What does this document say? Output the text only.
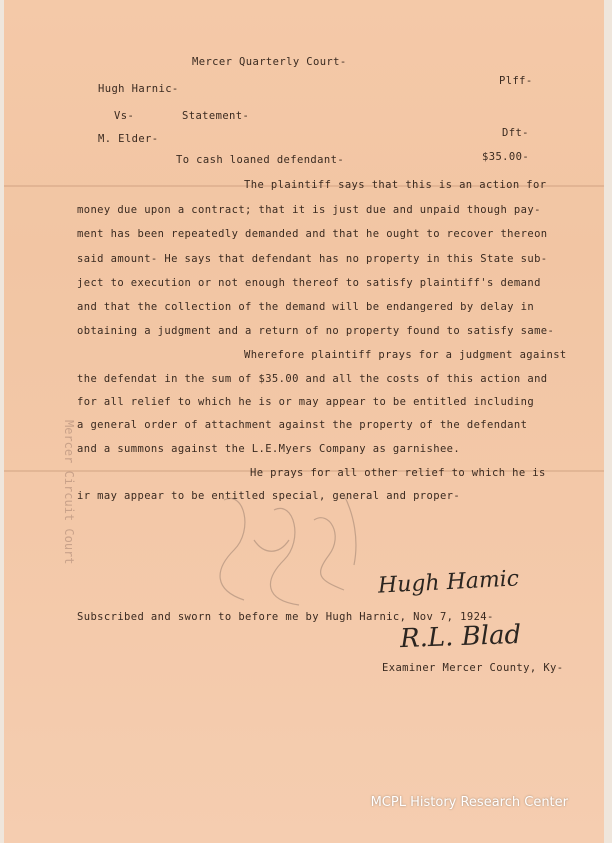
Mercer Quarterly Court-
Hugh Harnic-
Plff-
Vs-	Statement-
M. Elder-	Dft-
To cash loaned defendant-	$35.00-
The plaintiff says that this is an action for
money due upon a contract; that it is just due and unpaid though pay-
ment has been repeatedly demanded and that he ought to recover thereon
said amount- He says that defendant has no property in this State sub-
ject to execution or not enough thereof to satisfy plaintiff's demand
and that the collection of the demand will be endangered by delay in
obtaining a judgment and a return of no property found to satisfy same-
Wherefore plaintiff prays for a judgment against
the defendat in the sum of $35.00 and all the costs of this action and
for all relief to which he is or may appear to be entitled including
a general order of attachment against the property of the defendant
and a summons against the L.E.Myers Company as garnishee.
He prays for all other relief to which he is
ir may appear to be entitled special, general and proper-
Mercer Circuit Court
Hugh Hamic
Subscribed and sworn to before me by Hugh Harnic, Nov 7, 1924-
R.L. Blad
Examiner Mercer County, Ky-
MCPL History Research Center
